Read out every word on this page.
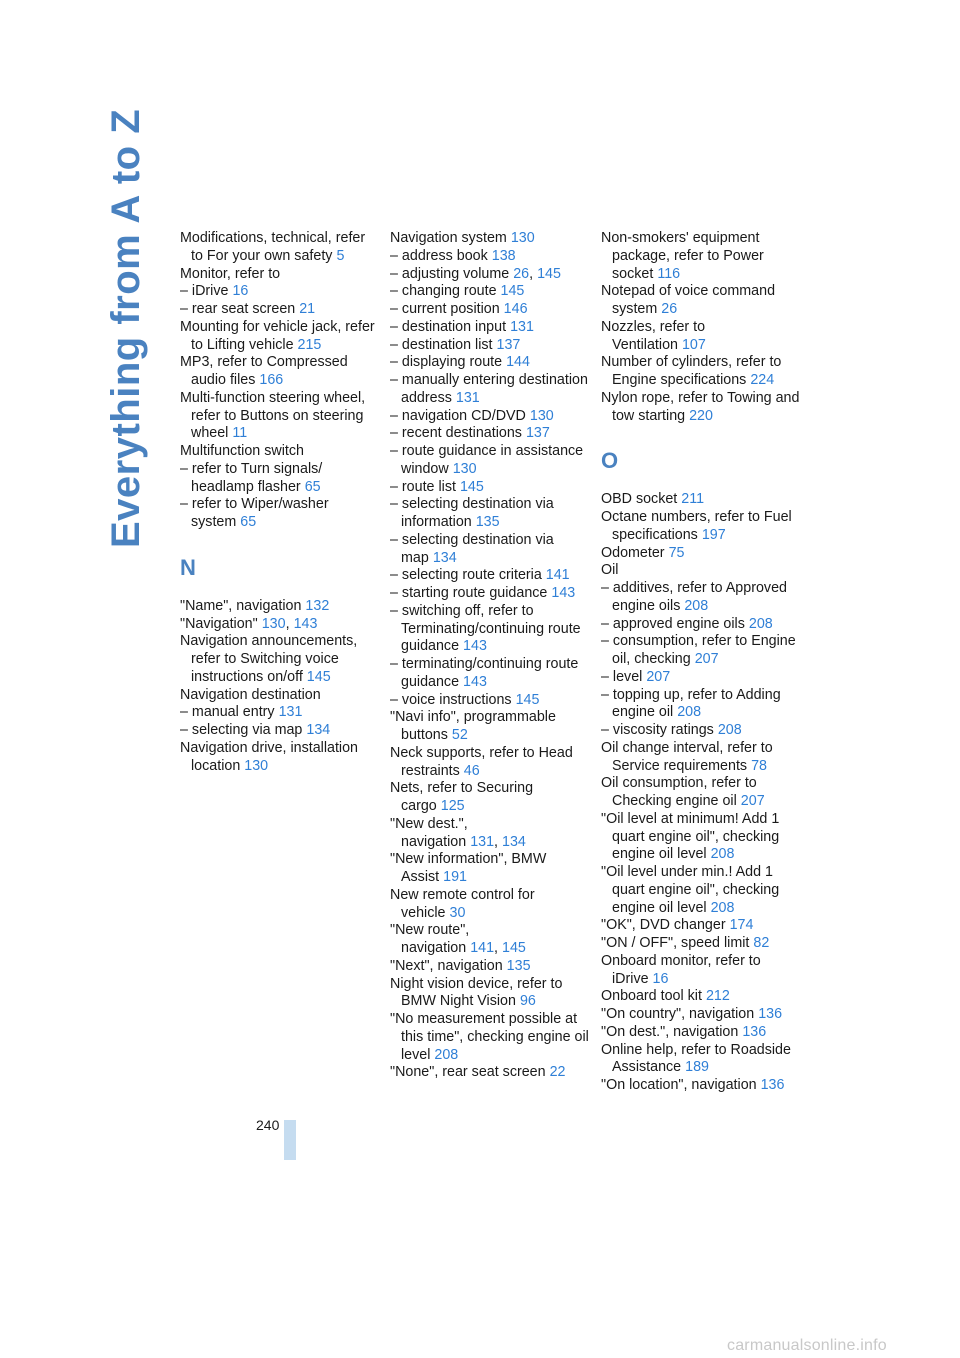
Everything from A to Z Modifications, technical, refer to For your own safety 5

Monitor, refer to

– iDrive 16

– rear seat screen 21

Mounting for vehicle jack, refer to Lifting vehicle 215

MP3, refer to Compressed audio files 166

Multi-function steering wheel, refer to Buttons on steering wheel 11

Multifunction switch

– refer to Turn signals/ headlamp flasher 65

– refer to Wiper/washer system 65

N

"Name", navigation 132

"Navigation" 130, 143

Navigation announcements, refer to Switching voice instructions on/off 145

Navigation destination

– manual entry 131

– selecting via map 134

Navigation drive, installation location 130

Navigation system 130

– address book 138

– adjusting volume 26, 145

– changing route 145

– current position 146

– destination input 131

– destination list 137

– displaying route 144

– manually entering destination address 131

– navigation CD/DVD 130

– recent destinations 137

– route guidance in assistance window 130

– route list 145

– selecting destination via information 135

– selecting destination via map 134

– selecting route criteria 141

– starting route guidance 143

– switching off, refer to Terminating/continuing route guidance 143

– terminating/continuing route guidance 143

– voice instructions 145

"Navi info", programmable buttons 52

Neck supports, refer to Head restraints 46

Nets, refer to Securing cargo 125

"New dest.", navigation 131, 134

"New information", BMW Assist 191

New remote control for vehicle 30

"New route", navigation 141, 145

"Next", navigation 135

Night vision device, refer to BMW Night Vision 96

"No measurement possible at this time", checking engine oil level 208

"None", rear seat screen 22

Non-smokers' equipment package, refer to Power socket 116

Notepad of voice command system 26

Nozzles, refer to Ventilation 107

Number of cylinders, refer to Engine specifications 224

Nylon rope, refer to Towing and tow starting 220

O

OBD socket 211

Octane numbers, refer to Fuel specifications 197

Odometer 75

Oil

– additives, refer to Approved engine oils 208

– approved engine oils 208

– consumption, refer to Engine oil, checking 207

– level 207

– topping up, refer to Adding engine oil 208

– viscosity ratings 208

Oil change interval, refer to Service requirements 78

Oil consumption, refer to Checking engine oil 207

"Oil level at minimum! Add 1 quart engine oil", checking engine oil level 208

"Oil level under min.! Add 1 quart engine oil", checking engine oil level 208

"OK", DVD changer 174

"ON / OFF", speed limit 82

Onboard monitor, refer to iDrive 16

Onboard tool kit 212

"On country", navigation 136

"On dest.", navigation 136

Online help, refer to Roadside Assistance 189

"On location", navigation 136

240
carmanualsonline.info
